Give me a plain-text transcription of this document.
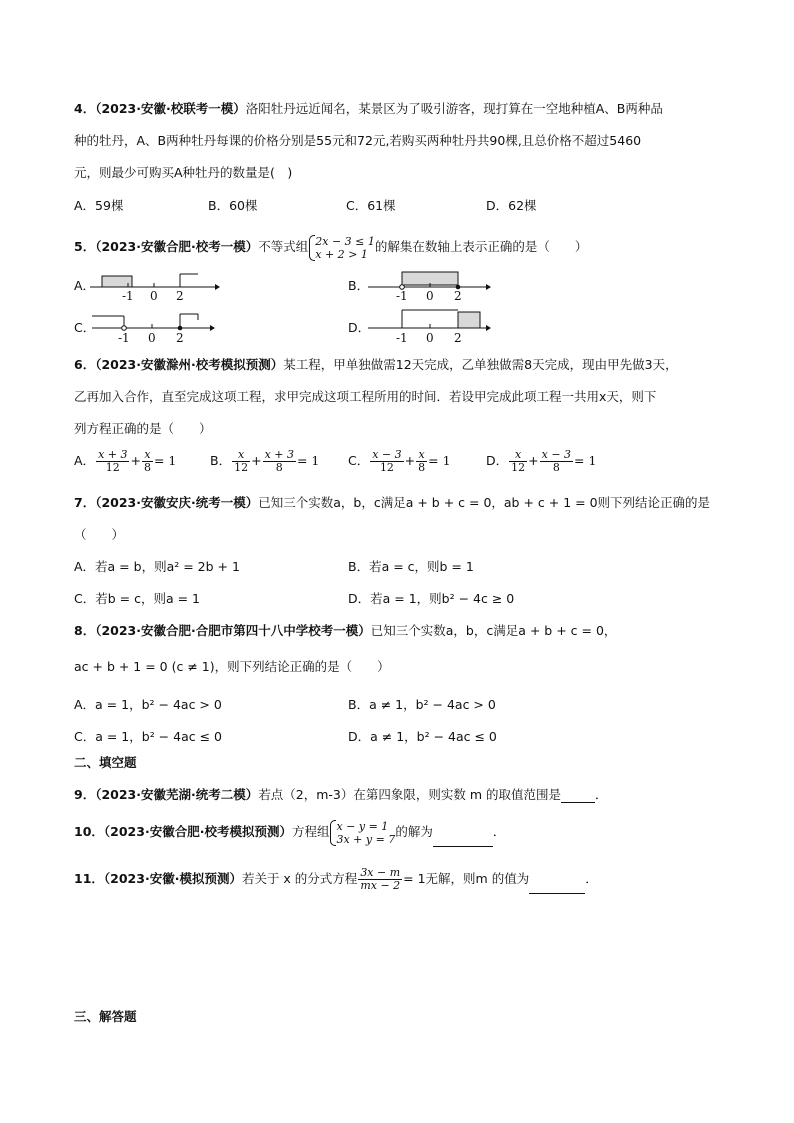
4．（2023·安徽·校联考一模）洛阳牡丹远近闻名，某景区为了吸引游客，现打算在一空地种植A、B两种品
种的牡丹，A、B两种牡丹每课的价格分别是55元和72元,若购买两种牡丹共90棵,且总价格不超过5460
元，则最少可购买A种牡丹的数量是(　)
A．59棵	B．60棵	C．61棵	D．62棵
5．（2023·安徽合肥·校考一模）不等式组 2x − 3 ≤ 1
x + 2 > 1 的解集在数轴上表示正确的是（　　）
A．
-1 0 2
B．
-1 0 2
C．
-1 0 2
D．
-1 0 2
6．（2023·安徽滁州·校考模拟预测）某工程，甲单独做需12天完成，乙单独做需8天完成，现由甲先做3天，
乙再加入合作，直至完成这项工程，求甲完成这项工程所用的时间．若设甲完成此项工程一共用x天，则下
列方程正确的是（　　）
A． $\frac{x + 3}{12} + \frac{x}{8} = 1$	B． $\frac{x}{12} + \frac{x + 3}{8} = 1$ C． $\frac{x - 3}{12} + \frac{x}{8} = 1$	D． $\frac{x}{12} + \frac{x - 3}{8} = 1$
7．（2023·安徽安庆·统考一模）已知三个实数a，b，c满足a + b + c = 0，ab + c + 1 = 0则下列结论正确的是
（　　）
A．若a = b，则a² = 2b + 1	B．若a = c，则b = 1
C．若b = c，则a = 1	D．若a = 1，则b² − 4c ≥ 0
8．（2023·安徽合肥·合肥市第四十八中学校考一模）已知三个实数a，b，c满足a + b + c = 0，
ac + b + 1 = 0 (c ≠ 1)，则下列结论正确的是（　　）
A．a = 1，b² − 4ac > 0	B．a ≠ 1，b² − 4ac > 0
C．a = 1，b² − 4ac ≤ 0	D．a ≠ 1，b² − 4ac ≤ 0
二、填空题
9．（2023·安徽芜湖·统考二模）若点（2，m-3）在第四象限，则实数 m 的取值范围是	．
10．（2023·安徽合肥·校考模拟预测）方程组 x − y = 1
3x + y = 7 的解为	．
11．（2023·安徽·模拟预测）若关于 x 的分式方程 $\frac{3x - m}{mx - 2} = 1$无解，则m 的值为	．
三、解答题
